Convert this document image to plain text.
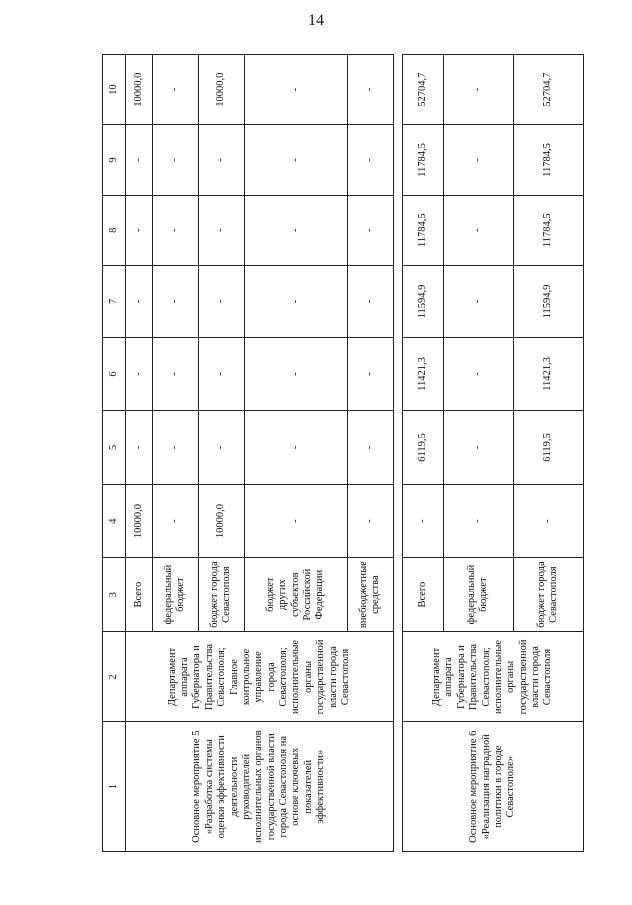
14
1	2	3	4	5	6	7	8	9	10
Основное мероприятие 5 «Разработка системы оценки эффективности деятельности руководителей исполнительных органов государственной власти города Севастополя на основе ключевых показателей эффективности»	Департамент аппарата Губернатора и Правительства Севастополя; Главное контрольное управление города Севастополя; исполнительные органы государственной власти города Севастополя	Всего	10000,0	-	-	-	-	-	10000,0
		федеральный бюджет	-	-	-	-	-	-	-
		бюджет города Севастополя	10000,0	-	-	-	-	-	10000,0
		бюджет других субъектов Российской Федерации	-	-	-	-	-	-	-
		внебюджетные средства	-	-	-	-	-	-	-

Основное мероприятие 6 «Реализация наградной политики в городе Севастополе»	Департамент аппарата Губернатора и Правительства Севастополя; исполнительные органы государственной власти города Севастополя	Всего	-	6119,5	11421,3	11594,9	11784,5	11784,5	52704,7
		федеральный бюджет	-	-	-	-	-	-	-
		бюджет города Севастополя	-	6119,5	11421,3	11594,9	11784,5	11784,5	52704,7
